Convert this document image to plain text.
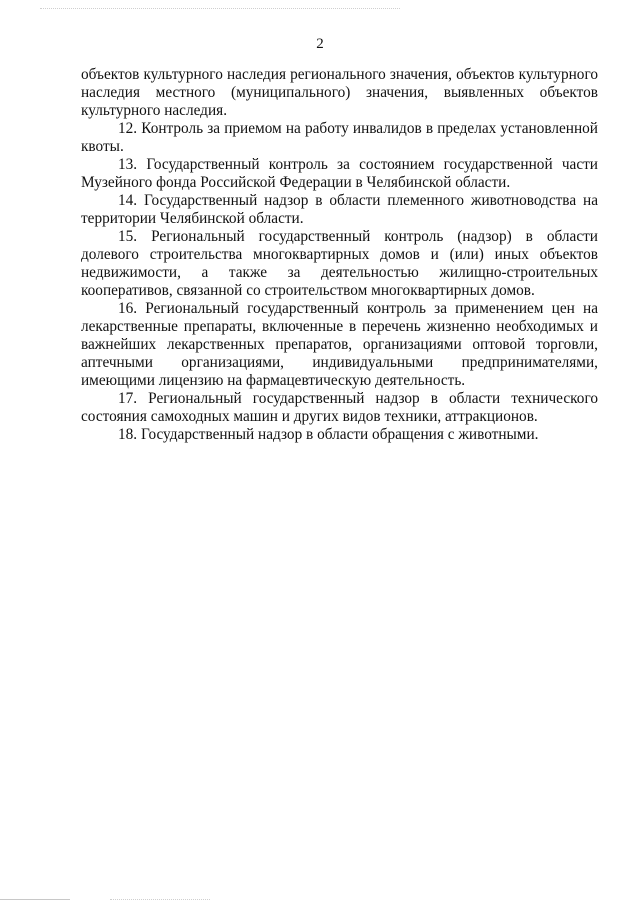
2

объектов культурного наследия регионального значения, объектов культурного наследия местного (муниципального) значения, выявленных объектов культурного наследия.

12. Контроль за приемом на работу инвалидов в пределах установленной квоты.

13. Государственный контроль за состоянием государственной части Музейного фонда Российской Федерации в Челябинской области.

14. Государственный надзор в области племенного животноводства на территории Челябинской области.

15. Региональный государственный контроль (надзор) в области долевого строительства многоквартирных домов и (или) иных объектов недвижимости, а также за деятельностью жилищно-строительных кооперативов, связанной со строительством многоквартирных домов.

16. Региональный государственный контроль за применением цен на лекарственные препараты, включенные в перечень жизненно необходимых и важнейших лекарственных препаратов, организациями оптовой торговли, аптечными организациями, индивидуальными предпринимателями, имеющими лицензию на фармацевтическую деятельность.

17. Региональный государственный надзор в области технического состояния самоходных машин и других видов техники, аттракционов.

18. Государственный надзор в области обращения с животными.
